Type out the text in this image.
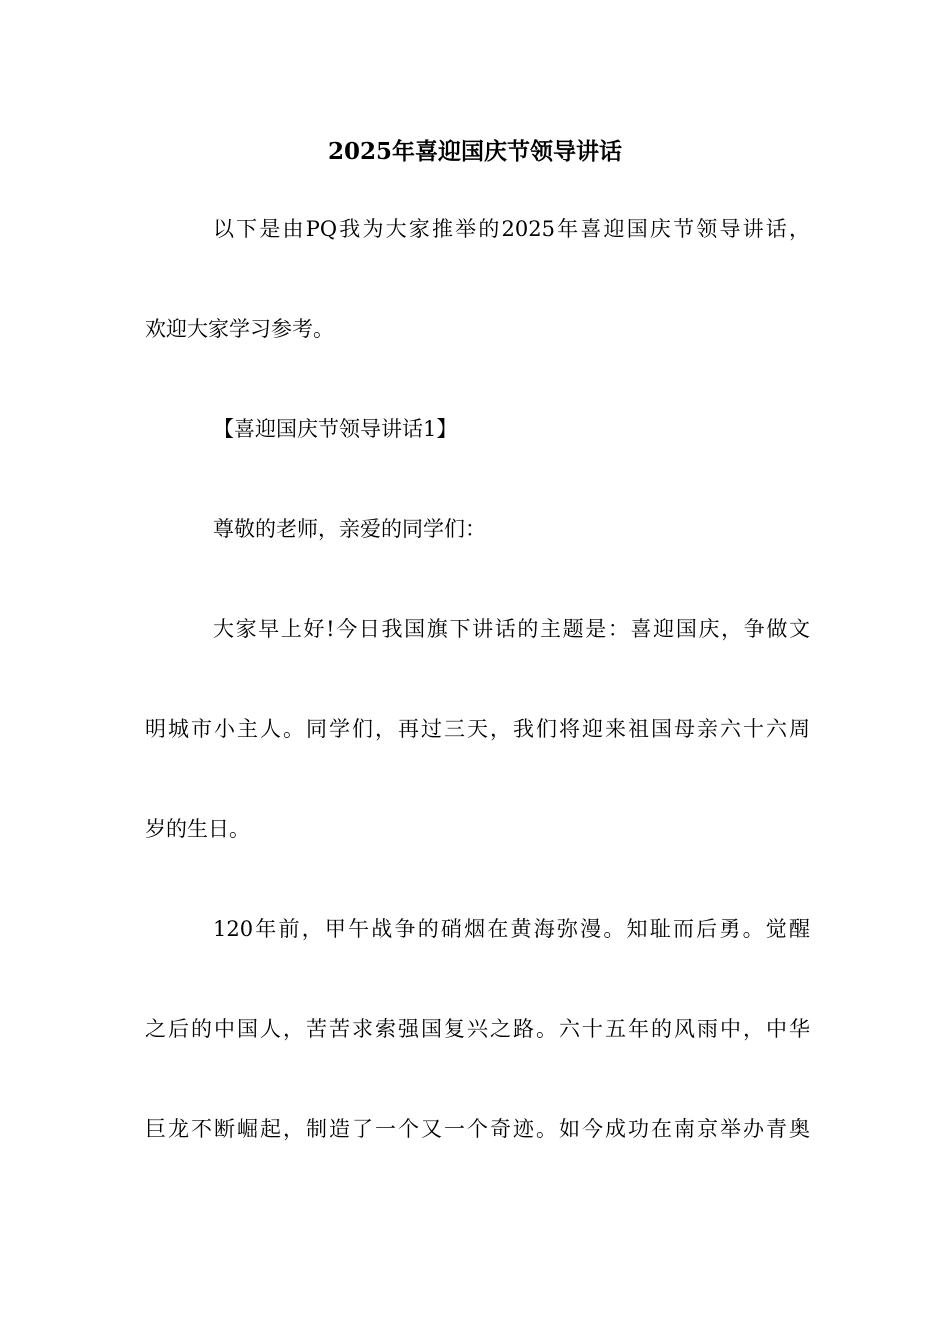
2025年喜迎国庆节领导讲话
以下是由PQ我为大家推举的2025年喜迎国庆节领导讲话，
欢迎大家学习参考。
【喜迎国庆节领导讲话1】
尊敬的老师，亲爱的同学们：
大家早上好!今日我国旗下讲话的主题是：喜迎国庆，争做文
明城市小主人。同学们，再过三天，我们将迎来祖国母亲六十六周
岁的生日。
120年前，甲午战争的硝烟在黄海弥漫。知耻而后勇。觉醒
之后的中国人，苦苦求索强国复兴之路。六十五年的风雨中，中华
巨龙不断崛起，制造了一个又一个奇迹。如今成功在南京举办青奥
